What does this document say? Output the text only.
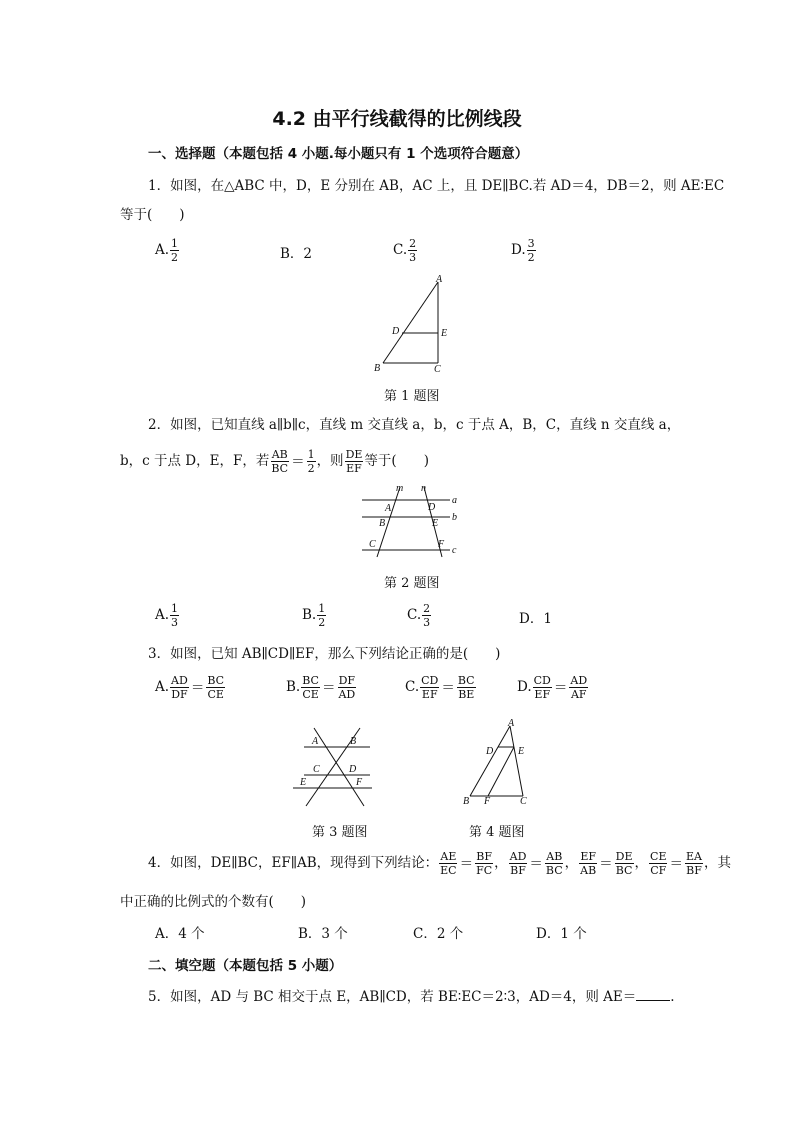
4.2 由平行线截得的比例线段
一、选择题（本题包括 4 小题.每小题只有 1 个选项符合题意）
1．如图，在△ABC 中，D，E 分别在 AB，AC 上，且 DE∥BC.若 AD＝4，DB＝2，则 AE∶EC
等于(　　)
A. $\frac{1}{2}$	B．2	C. $\frac{2}{3}$	D. $\frac{3}{2}$
A
B	C
D	E
第 1 题图
2．如图，已知直线 a∥b∥c，直线 m 交直线 a，b，c 于点 A，B，C，直线 n 交直线 a，
b，c 于点 D，E，F，若 $\frac{AB}{BC} = \frac{1}{2}$ ，则 $\frac{DE}{EF}$ 等于(　　)
m n
a
b
c
A
B
C
D
E
F
第 2 题图
A. $\frac{1}{3}$	B. $\frac{1}{2}$	C. $\frac{2}{3}$	D．1
3．如图，已知 AB∥CD∥EF，那么下列结论正确的是(　　)
A. $\frac{AD}{DF} = \frac{BC}{CE}$	B. $\frac{BC}{CE} = \frac{DF}{AD}$	C. $\frac{CD}{EF} = \frac{BC}{BE}$	D. $\frac{CD}{EF} = \frac{AD}{AF}$
A	B
C	D
E	F
第 3 题图
A
D E
B F	C
第 4 题图
4．如图，DE∥BC，EF∥AB，现得到下列结论： $\frac{AE}{EC} = \frac{BF}{FC}$ ， $\frac{AD}{BF} = \frac{AB}{BC}$ ， $\frac{EF}{AB} = \frac{DE}{BC}$ ， $\frac{CE}{CF} = \frac{EA}{BF}$ ，其
中正确的比例式的个数有(　　)
A．4 个	B．3 个	C．2 个	D．1 个
二、填空题（本题包括 5 小题）
5．如图，AD 与 BC 相交于点 E，AB∥CD，若 BE∶EC＝2∶3，AD＝4，则 AE＝	.
